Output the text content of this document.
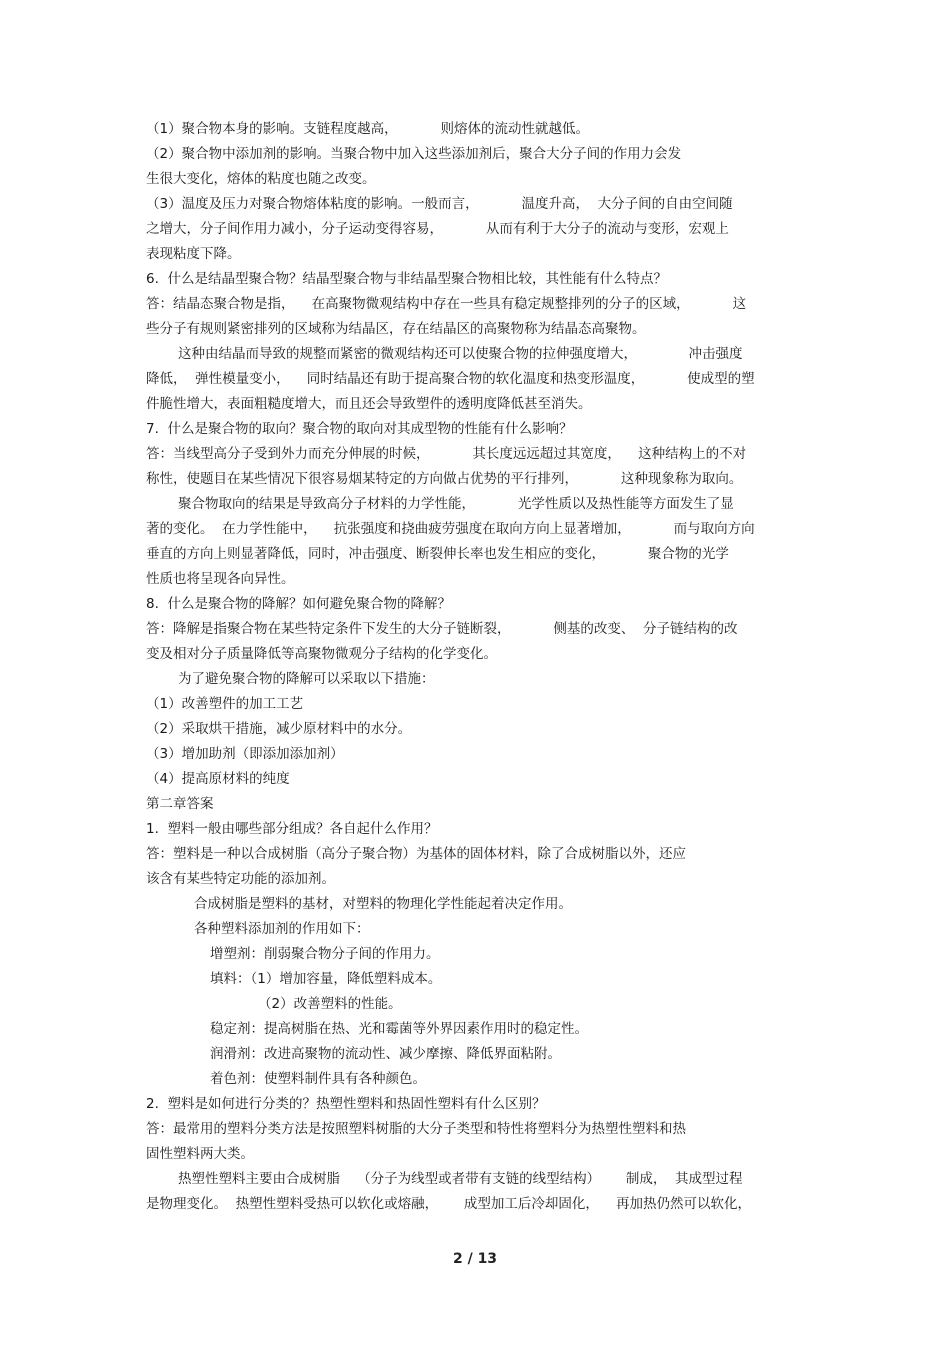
（1）聚合物本身的影响。支链程度越高，          则熔体的流动性就越低。
（2）聚合物中添加剂的影响。当聚合物中加入这些添加剂后，聚合大分子间的作用力会发
生很大变化，熔体的粘度也随之改变。
（3）温度及压力对聚合物熔体粘度的影响。一般而言，          温度升高，  大分子间的自由空间随
之增大，分子间作用力减小，分子运动变得容易，          从而有利于大分子的流动与变形，宏观上
表现粘度下降。
6.  什么是结晶型聚合物？结晶型聚合物与非结晶型聚合物相比较，其性能有什么特点？
答：结晶态聚合物是指，    在高聚物微观结构中存在一些具有稳定规整排列的分子的区域，          这
些分子有规则紧密排列的区域称为结晶区，存在结晶区的高聚物称为结晶态高聚物。
这种由结晶而导致的规整而紧密的微观结构还可以使聚合物的拉伸强度增大，            冲击强度
降低，  弹性模量变小，    同时结晶还有助于提高聚合物的软化温度和热变形温度，          使成型的塑
件脆性增大，表面粗糙度增大，而且还会导致塑件的透明度降低甚至消失。
7.  什么是聚合物的取向？聚合物的取向对其成型物的性能有什么影响？
答：当线型高分子受到外力而充分伸展的时候，          其长度远远超过其宽度，    这种结构上的不对
称性，使题目在某些情况下很容易烟某特定的方向做占优势的平行排列，          这种现象称为取向。
聚合物取向的结果是导致高分子材料的力学性能，          光学性质以及热性能等方面发生了显
著的变化。  在力学性能中，    抗张强度和挠曲疲劳强度在取向方向上显著增加，          而与取向方向
垂直的方向上则显著降低，同时，冲击强度、断裂伸长率也发生相应的变化，          聚合物的光学
性质也将呈现各向异性。
8.  什么是聚合物的降解？如何避免聚合物的降解？
答：降解是指聚合物在某些特定条件下发生的大分子链断裂，          侧基的改变、  分子链结构的改
变及相对分子质量降低等高聚物微观分子结构的化学变化。
为了避免聚合物的降解可以采取以下措施：
（1）改善塑件的加工工艺
（2）采取烘干措施，减少原材料中的水分。
（3）增加助剂（即添加添加剂）
（4）提高原材料的纯度
第二章答案
1.  塑料一般由哪些部分组成？各自起什么作用？
答：塑料是一种以合成树脂（高分子聚合物）为基体的固体材料，除了合成树脂以外，还应
该含有某些特定功能的添加剂。
合成树脂是塑料的基材，对塑料的物理化学性能起着决定作用。
各种塑料添加剂的作用如下：
增塑剂：削弱聚合物分子间的作用力。
填料：（1）增加容量，降低塑料成本。
（2）改善塑料的性能。
稳定剂：提高树脂在热、光和霉菌等外界因素作用时的稳定性。
润滑剂：改进高聚物的流动性、减少摩擦、降低界面粘附。
着色剂：使塑料制件具有各种颜色。
2.  塑料是如何进行分类的？热塑性塑料和热固性塑料有什么区别？
答：最常用的塑料分类方法是按照塑料树脂的大分子类型和特性将塑料分为热塑性塑料和热
固性塑料两大类。
热塑性塑料主要由合成树脂    （分子为线型或者带有支链的线型结构）      制成，  其成型过程
是物理变化。  热塑性塑料受热可以软化或熔融，      成型加工后冷却固化，    再加热仍然可以软化，
2 / 13
